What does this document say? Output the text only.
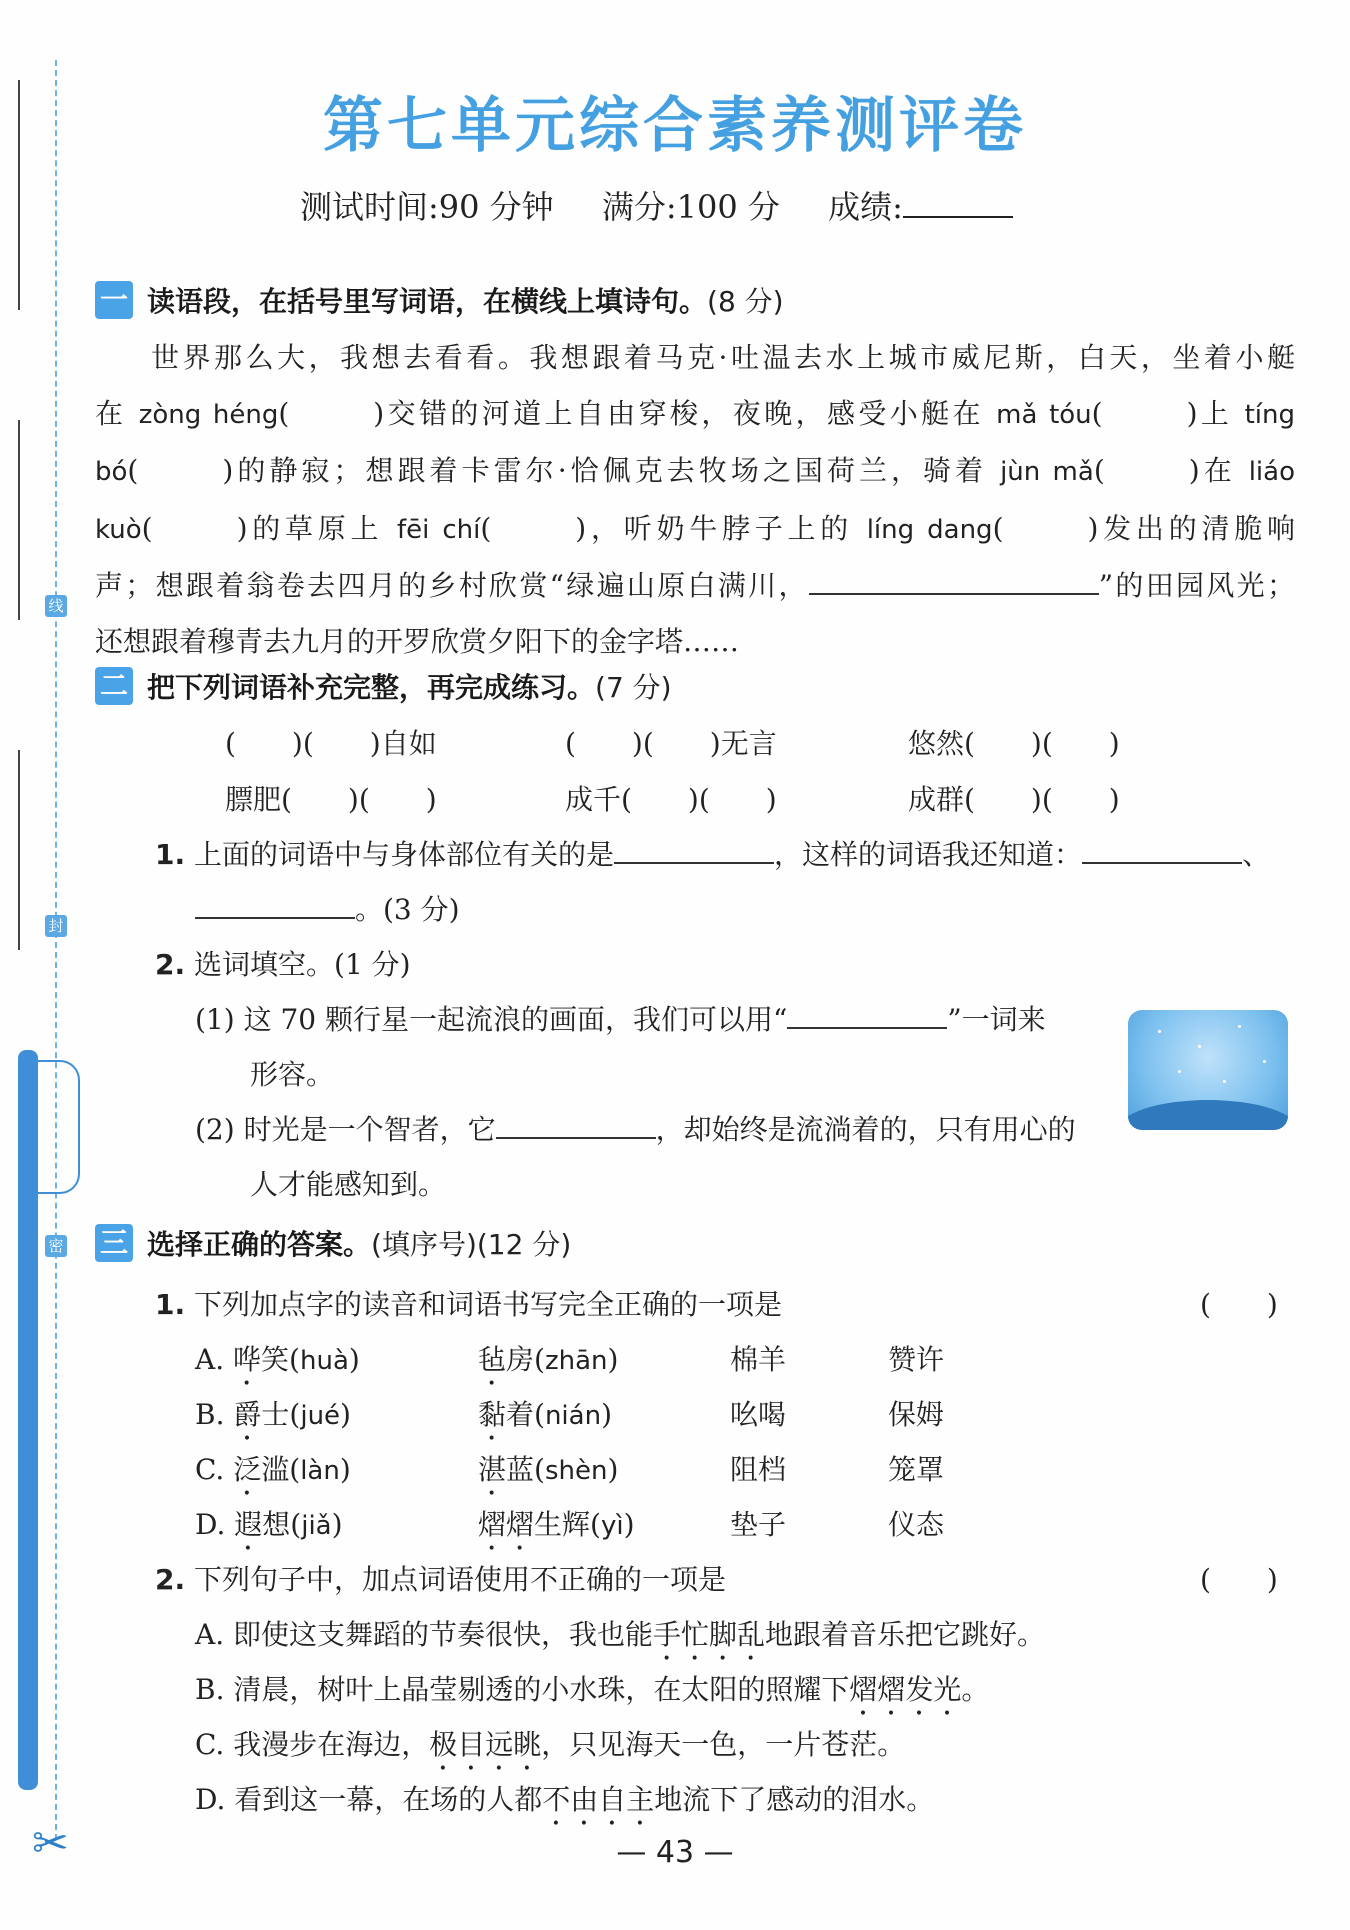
线
封
密
✂
第七单元综合素养测评卷
测试时间:90 分钟 满分:100 分 成绩:
一 读语段，在括号里写词语，在横线上填诗句。 (8 分)
世界那么大，我想去看看。我想跟着马克·吐温去水上城市威尼斯，白天，坐着小艇
在 zòng héng(	)交错的河道上自由穿梭，夜晚，感受小艇在 mǎ tóu(	)上 tíng
bó(	)的静寂；想跟着卡雷尔·恰佩克去牧场之国荷兰，骑着 jùn mǎ(	)在 liáo
kuò(	)的草原上 fēi chí(	)，听奶牛脖子上的 líng dang(	)发出的清脆响
声；想跟着翁卷去四月的乡村欣赏“绿遍山原白满川，	”的田园风光；
还想跟着穆青去九月的开罗欣赏夕阳下的金字塔……
二 把下列词语补充完整，再完成练习。 (7 分)
(　　)(　　)自如	(　　)(　　)无言	悠然(　　)(　　)
膘肥(　　)(　　)	成千(　　)(　　)	成群(　　)(　　)
1. 上面的词语中与身体部位有关的是	，这样的词语我还知道：	、
。(3 分)
2. 选词填空。(1 分)
(1) 这 70 颗行星一起流浪的画面，我们可以用“	”一词来
形容。
(2) 时光是一个智者，它	，却始终是流淌着的，只有用心的
人才能感知到。
三 选择正确的答案。 (填序号)(12 分)
1. 下列加点字的读音和词语书写完全正确的一项是	(　　)
A. 哗笑(huà)	毡房(zhān)	棉羊	赞许
B. 爵士(jué)	黏着(nián)	吆喝	保姆
C. 泛滥(làn)	湛蓝(shèn)	阻档	笼罩
D. 遐想(jiǎ)	熠熠生辉(yì)	垫子	仪态
2. 下列句子中，加点词语使用不正确的一项是	(　　)
A. 即使这支舞蹈的节奏很快，我也能手忙脚乱地跟着音乐把它跳好。
B. 清晨，树叶上晶莹剔透的小水珠，在太阳的照耀下熠熠发光。
C. 我漫步在海边，极目远眺，只见海天一色，一片苍茫。
D. 看到这一幕，在场的人都不由自主地流下了感动的泪水。
— 43 —
